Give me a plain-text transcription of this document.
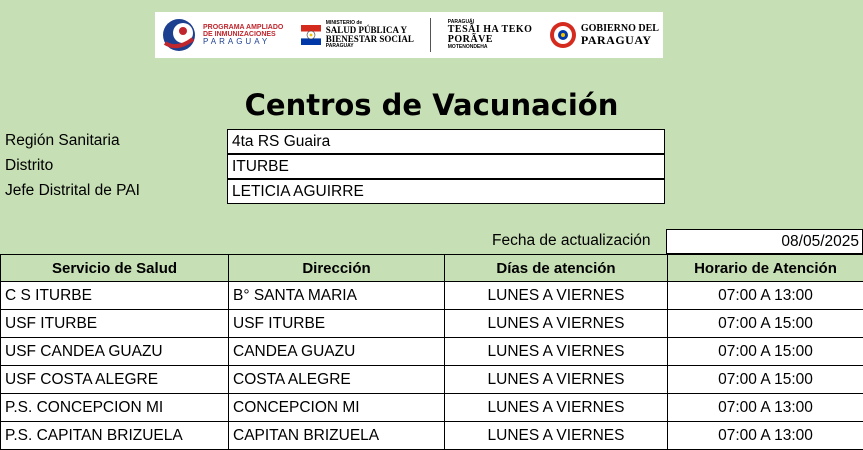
PROGRAMA AMPLIADO
DE INMUNIZACIONES
PARAGUAY
MINISTERIO de
SALUD PÚBLICA Y
BIENESTAR SOCIAL
PARAGUAY
PARAGUÁI
TESÃI HA TEKO
PORÃVE
MOTENONDEHA
GOBIERNO DEL
PARAGUAY
Centros de Vacunación
Región Sanitaria	4ta RS Guaira
Distrito	ITURBE
Jefe Distrital de PAI	LETICIA AGUIRRE
Fecha de actualización	08/05/2025
Servicio de Salud	Dirección	Días de atención	Horario de Atención
C S ITURBE	B° SANTA MARIA	LUNES A VIERNES	07:00 A 13:00
USF ITURBE	USF ITURBE	LUNES A VIERNES	07:00 A 15:00
USF CANDEA GUAZU	CANDEA GUAZU	LUNES A VIERNES	07:00 A 15:00
USF COSTA ALEGRE	COSTA ALEGRE	LUNES A VIERNES	07:00 A 15:00
P.S. CONCEPCION MI	CONCEPCION MI	LUNES A VIERNES	07:00 A 13:00
P.S. CAPITAN BRIZUELA	CAPITAN BRIZUELA	LUNES A VIERNES	07:00 A 13:00
